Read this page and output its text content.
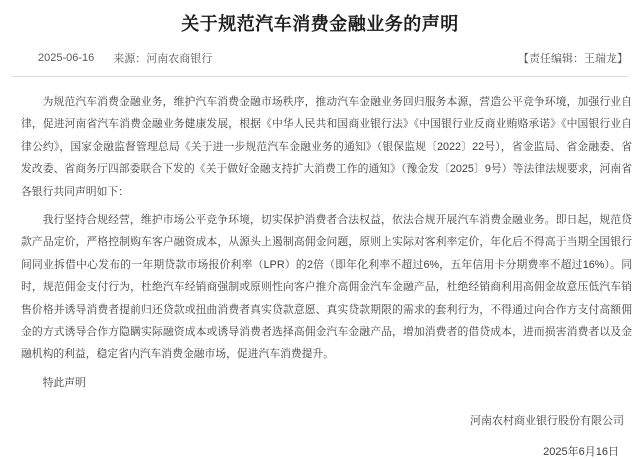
关于规范汽车消费金融业务的声明
2025-06-16 来源：河南农商银行	【责任编辑：王瑞龙】

为规范汽车消费金融业务，维护汽车消费金融市场秩序，推动汽车金融业务回归服务本源，营造公平竞争环境，加强行业自律，促进河南省汽车消费金融业务健康发展，根据《中华人民共和国商业银行法》《中国银行业反商业贿赂承诺》《中国银行业自律公约》，国家金融监督管理总局《关于进一步规范汽车金融业务的通知》（银保监规〔2022〕22号），省金监局、省金融委、省发改委、省商务厅四部委联合下发的《关于做好金融支持扩大消费工作的通知》（豫金发〔2025〕9号）等法律法规要求，河南省各银行共同声明如下：

我行坚持合规经营，维护市场公平竞争环境，切实保护消费者合法权益，依法合规开展汽车消费金融业务。即日起，规范贷款产品定价，严格控制购车客户融资成本，从源头上遏制高佣金问题，原则上实际对客利率定价，年化后不得高于当期全国银行间同业拆借中心发布的一年期贷款市场报价利率（LPR）的2倍（即年化利率不超过6%，五年信用卡分期费率不超过16%）。同时，规范佣金支付行为，杜绝汽车经销商强制或原则性向客户推介高佣金汽车金融产品，杜绝经销商利用高佣金故意压低汽车销售价格并诱导消费者提前归还贷款或扭曲消费者真实贷款意愿、真实贷款期限的需求的套利行为，不得通过向合作方支付高额佣金的方式诱导合作方隐瞒实际融资成本或诱导消费者选择高佣金汽车金融产品，增加消费者的借贷成本，进而损害消费者以及金融机构的利益，稳定省内汽车消费金融市场，促进汽车消费提升。

特此声明

河南农村商业银行股份有限公司
2025年6月16日
